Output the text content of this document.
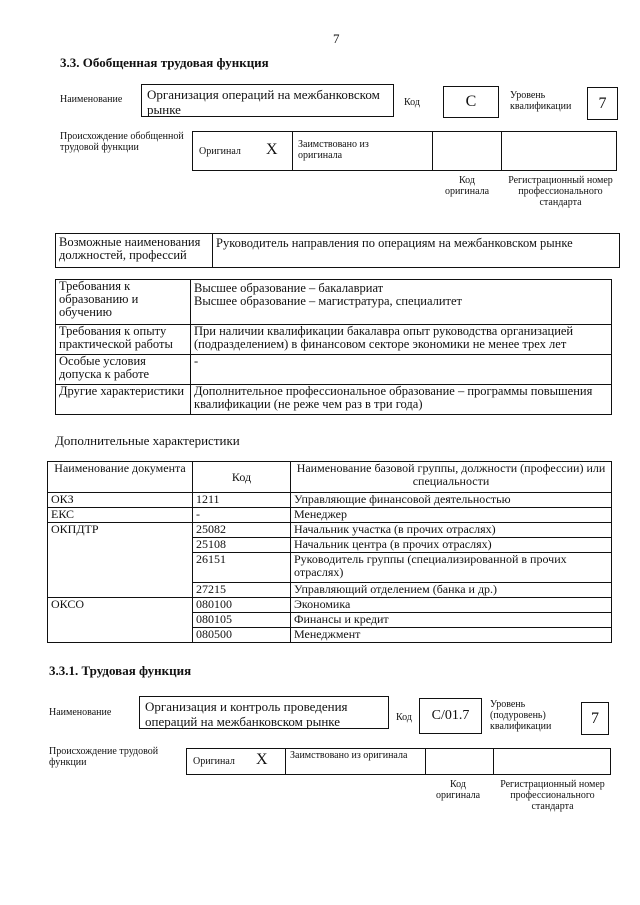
7
3.3. Обобщенная трудовая функция
Наименование	Организация операций на межбанковском рынке	Код	C	Уровень квалификации	7
Происхождение обобщенной трудовой функции	Оригинал X Заимствовано из оригинала
Код оригинала
Регистрационный номер профессионального стандарта
Возможные наименования должностей, профессий	Руководитель направления по операциям на межбанковском рынке
Требования к образованию и обучению	Высшее образование – бакалавриат
Высшее образование – магистратура, специалитет
Требования к опыту практической работы	При наличии квалификации бакалавра опыт руководства организацией (подразделением) в финансовом секторе экономики не менее трех лет
Особые условия допуска к работе	-
Другие характеристики	Дополнительное профессиональное образование – программы повышения квалификации (не реже чем раз в три года)
Дополнительные характеристики
Наименование документа	Код	Наименование базовой группы, должности (профессии) или специальности
ОКЗ	1211	Управляющие финансовой деятельностью
ЕКС	-	Менеджер
ОКПДТР	25082	Начальник участка (в прочих отраслях)
	25108	Начальник центра (в прочих отраслях)
	26151	Руководитель группы (специализированной в прочих отраслях)
	27215	Управляющий отделением (банка и др.)
ОКСО	080100	Экономика
	080105	Финансы и кредит
	080500	Менеджмент
3.3.1. Трудовая функция
Наименование	Организация и контроль проведения операций на межбанковском рынке	Код	C/01.7
Уровень (подуровень) квалификации	7
Происхождение трудовой функции	Оригинал X Заимствовано из оригинала
Код оригинала
Регистрационный номер профессионального стандарта
